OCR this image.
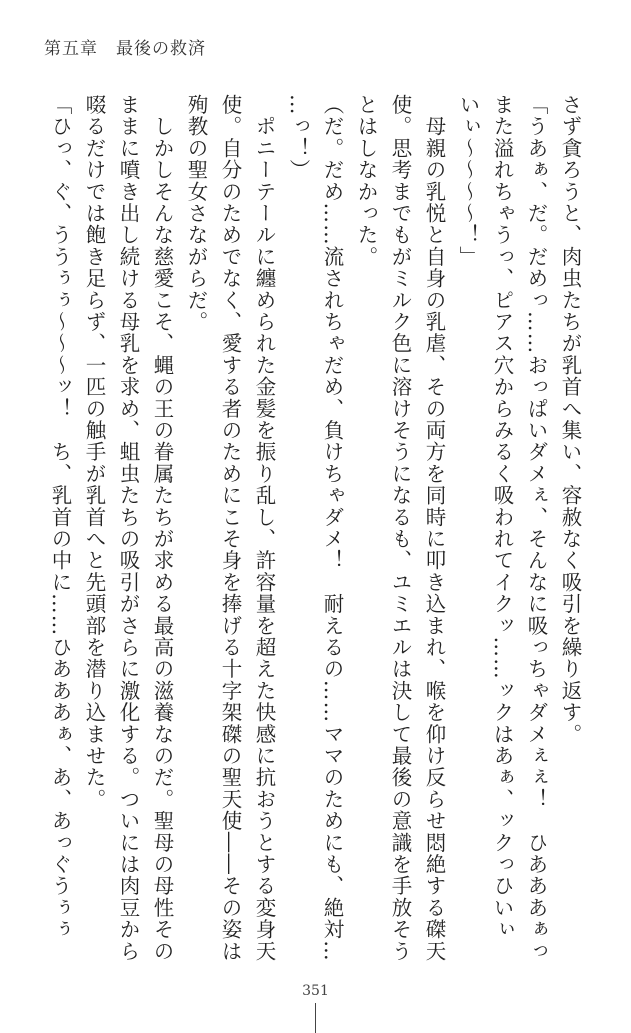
第五章　最後の救済
さず貪ろうと、肉虫たちが乳首へ集い、容赦なく吸引を繰り返す。
「うあぁ、だ。だめっ……おっぱいダメぇ、そんなに吸っちゃダメぇぇ！　ひあああぁっ
また溢れちゃうっ、ピアス穴からみるく吸われてイクッ……ックはあぁ、ックっひいぃ
いぃ〜〜〜〜！」
　母親の乳悦と自身の乳虐、その両方を同時に叩き込まれ、喉を仰け反らせ悶絶する磔天
使。思考までもがミルク色に溶けそうになるも、ユミエルは決して最後の意識を手放そう
とはしなかった。
（だ。だめ……流されちゃだめ、負けちゃダメ！　耐えるの……ママのためにも、絶対…
…っ！）
　ポニーテールに纏められた金髪を振り乱し、許容量を超えた快感に抗おうとする変身天
使。自分のためでなく、愛する者のためにこそ身を捧げる十字架磔の聖天使――その姿は
殉教の聖女さながらだ。
　しかしそんな慈愛こそ、蝿の王の眷属たちが求める最高の滋養なのだ。聖母の母性その
ままに噴き出し続ける母乳を求め、蛆虫たちの吸引がさらに激化する。ついには肉豆から
啜るだけでは飽き足らず、一匹の触手が乳首へと先頭部を潜り込ませた。
「ひっ、ぐ、ううぅぅ〜〜〜ッ！　ち、乳首の中に……ひあああぁ、あ、あっぐうぅぅ
351
